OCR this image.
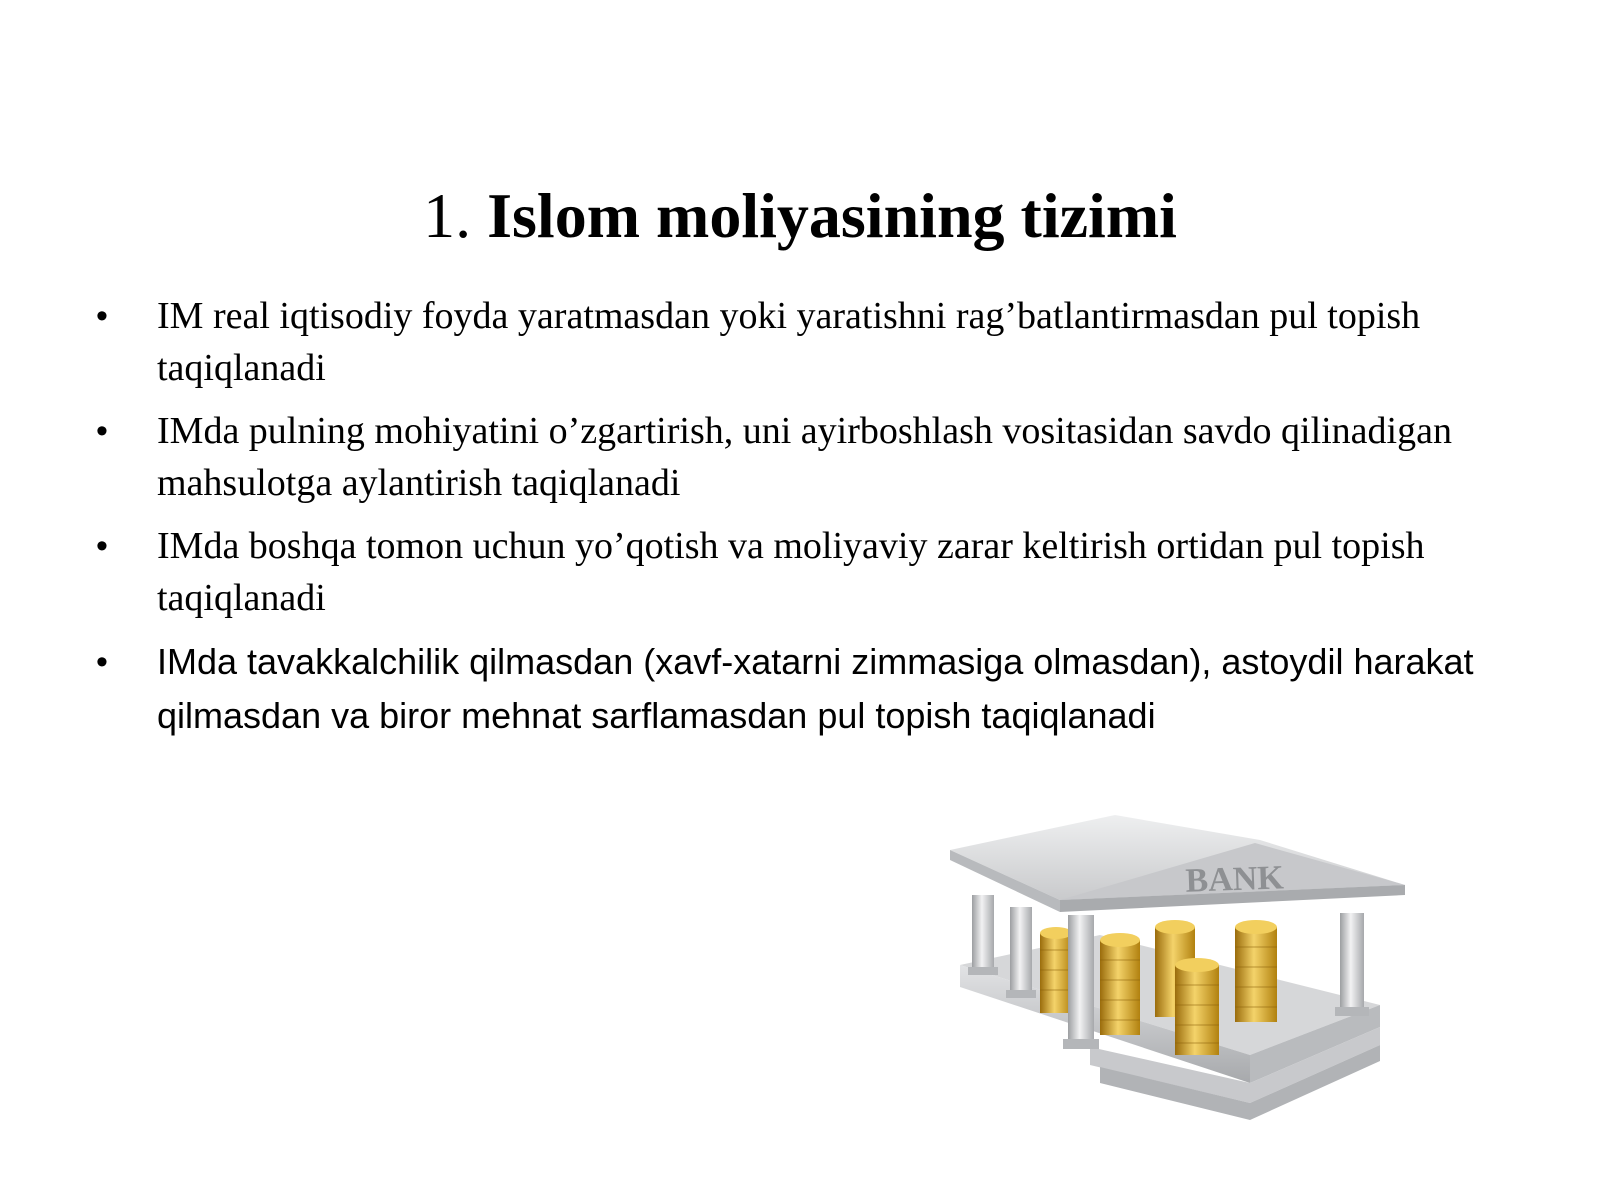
1. Islom moliyasining tizimi
• IM real iqtisodiy foyda yaratmasdan yoki yaratishni rag’batlantirmasdan pul topish taqiqlanadi
• IMda pulning mohiyatini o’zgartirish, uni ayirboshlash vositasidan savdo qilinadigan mahsulotga aylantirish taqiqlanadi
• IMda boshqa tomon uchun yo’qotish va moliyaviy zarar keltirish ortidan pul topish taqiqlanadi
• IMda tavakkalchilik qilmasdan (xavf-xatarni zimmasiga olmasdan), astoydil harakat qilmasdan va biror mehnat sarflamasdan pul topish taqiqlanadi
BANK
